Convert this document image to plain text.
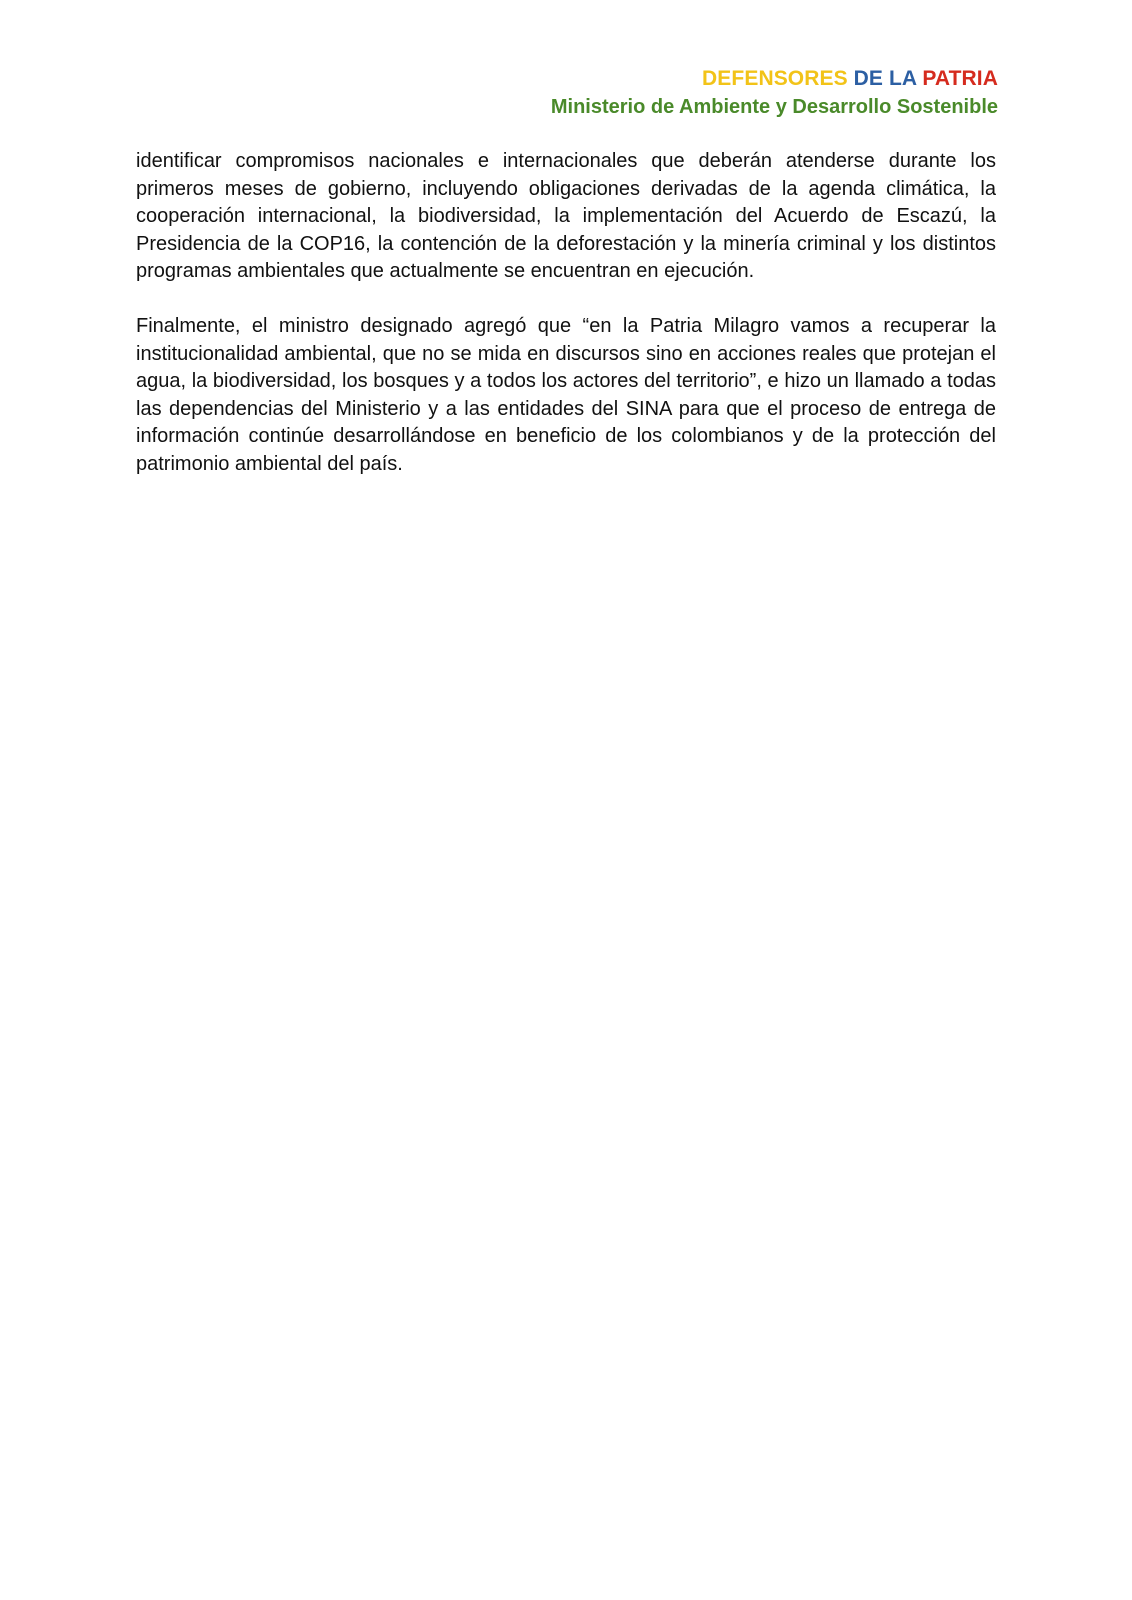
DEFENSORES DE LA PATRIA
Ministerio de Ambiente y Desarrollo Sostenible

identificar compromisos nacionales e internacionales que deberán atenderse durante los primeros meses de gobierno, incluyendo obligaciones derivadas de la agenda climática, la cooperación internacional, la biodiversidad, la implementación del Acuerdo de Escazú, la Presidencia de la COP16, la contención de la deforestación y la minería criminal y los distintos programas ambientales que actualmente se encuentran en ejecución.

Finalmente, el ministro designado agregó que “en la Patria Milagro vamos a recuperar la institucionalidad ambiental, que no se mida en discursos sino en acciones reales que protejan el agua, la biodiversidad, los bosques y a todos los actores del territorio”, e hizo un llamado a todas las dependencias del Ministerio y a las entidades del SINA para que el proceso de entrega de información continúe desarrollándose en beneficio de los colombianos y de la protección del patrimonio ambiental del país.
